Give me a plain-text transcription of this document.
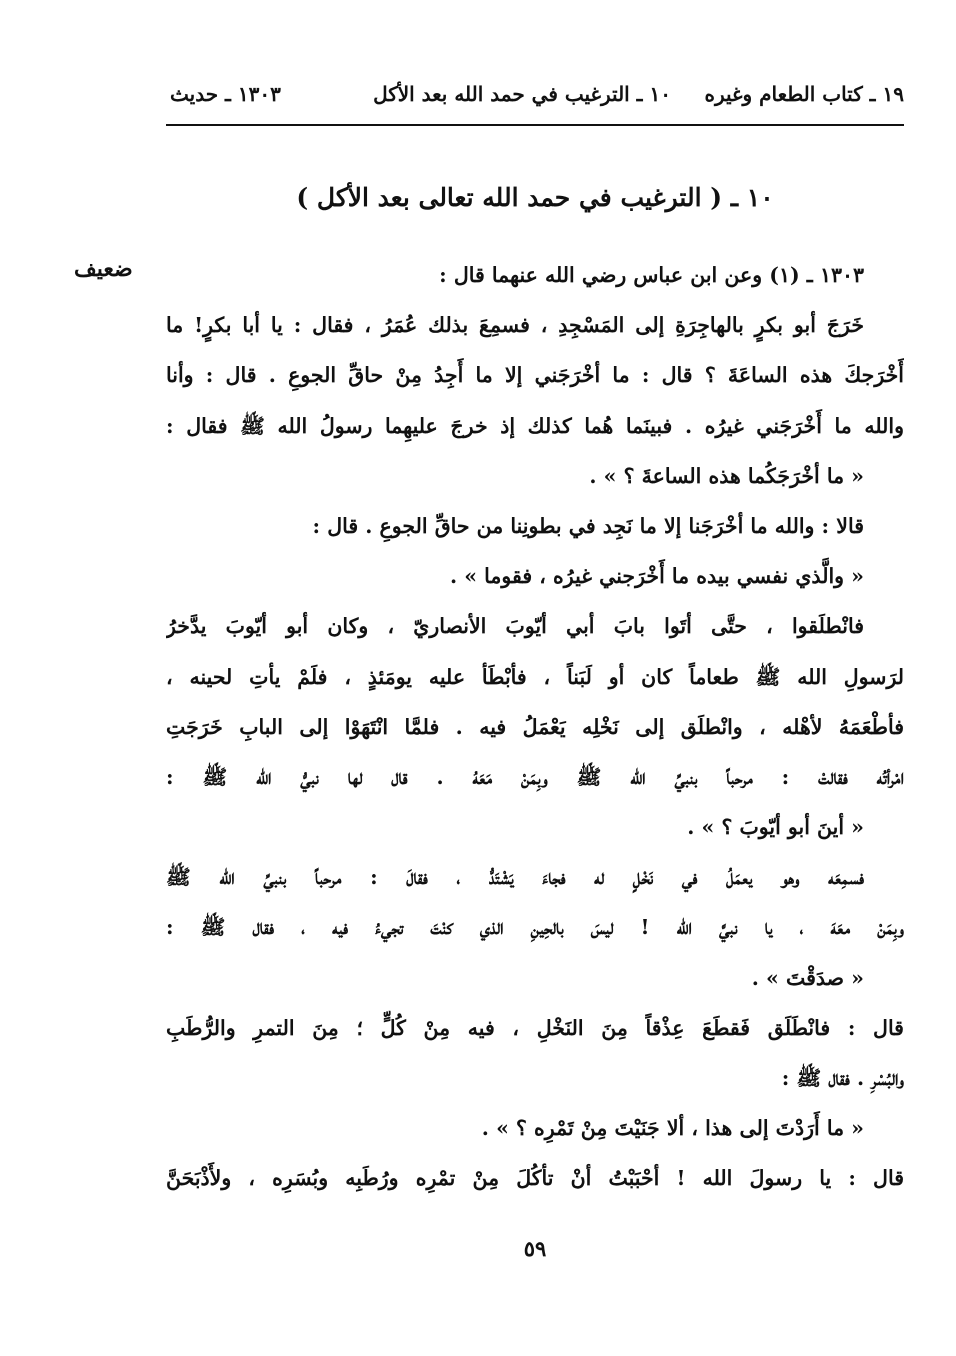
١٩ ـ كتاب الطعام وغيره
١٠ ـ الترغيب في حمد الله بعد الأكل
١٣٠٣ ـ حديث
١٠ ـ ( الترغيب في حمد الله تعالى بعد الأكل )
ضعيف	١٣٠٣ ـ (١) وعن ابن عباس رضي الله عنهما قال :
خَرَجَ أبو بكرٍ بالهاجِرَةِ إلى المَسْجِدِ ، فسمِعَ بذلك عُمَرُ ، فقال : يا أبا بكرٍ! ما
أَخْرَجكَ هذه الساعَةَ ؟ قال : ما أخْرَجَني إلا ما أَجِدُ مِنْ حاقِّ الجوعِ . قال : وأنا
والله ما أَخْرَجَني غيرُه . فبينَما هُما كذلك إذ خرجَ عليهِما رسولُ الله ﷺ فقال :
« ما أخْرَجَكُما هذه الساعةَ ؟ » .
قالا : والله ما أخْرَجَنا إلا ما نَجِد في بطونِنا من حاقِّ الجوعِ . قال :
« والَّذي نفسي بيده ما أَخْرَجني غيرُه ، فقوما » .
فانْطلَقوا ، حتَّى أتَوا بابَ أبي أيّوبَ الأنصاريّ ، وكان أبو أيّوبَ يدَّخرُ
لرَسولِ الله ﷺ طعاماً كان أو لَبَناً ، فأبْطَأ عليه يومَئذٍ ، فلَمْ يأتِ لحينه ،
فأطْعَمَهُ لأهْله ، وانْطلَق إلى نَخْلِه يَعْمَلُ فيه . فلمَّا انْتَهَوْا إلى البابِ خَرَجَتِ
امْرأتُه فقالتْ : مرحباً بنبيِّ الله ﷺ وبِمَنْ مَعَهُ . قال لها نبيُّ الله ﷺ :
« أينَ أبو أيّوبَ ؟ » .
فسمِعَه وهو يعمَلُ في نَخْلٍ له فجاءَ يَشْتَدُّ ، فقالَ : مرحباً بنبيِّ الله ﷺ
وبِمَنْ معَهَ ، يا نبيَّ الله ! ليسَ بالحِينِ الذي كنْتَ تجيءُ فيه ، فقال ﷺ :
« صدَقْتَ » .
قال : فانْطَلَق فَقطَعَ عِذْقاً مِنَ النَخْلِ ، فيه مِنْ كُلٍّ ؛ مِنَ التمرِ والرُّطَبِ
والبُسْرِ . فقال ﷺ :
« ما أَرَدْتَ إلى هذا ، ألا جَنَيْتَ مِنْ تَمْرِه ؟ » .
قال : يا رسولَ الله ! أحْبَبْتُ أنْ تأكُلَ مِنْ تمْرِه ورُطَبِه وبُسَرِه ، ولأَذْبَحَنَّ
٥٩
